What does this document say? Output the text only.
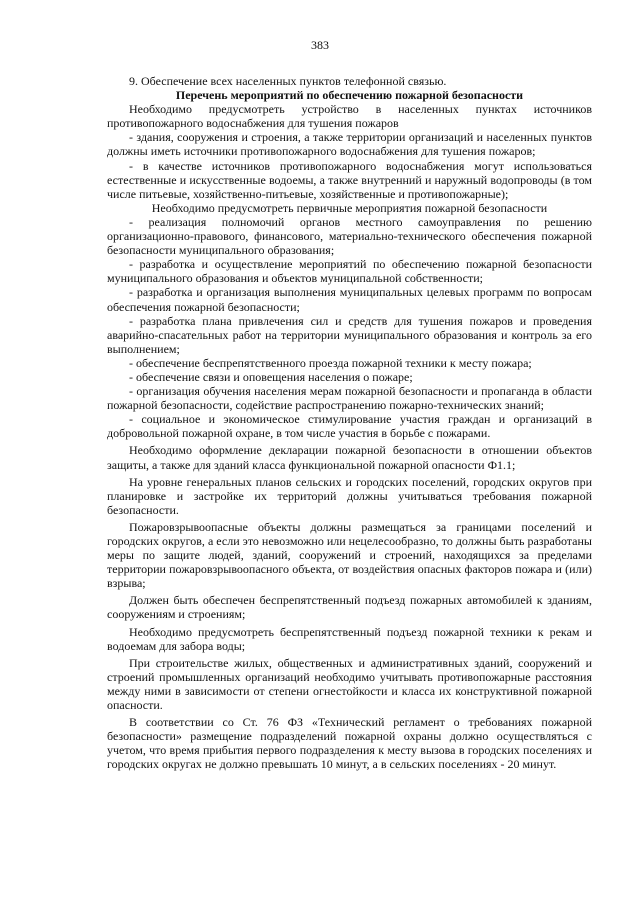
383

9. Обеспечение всех населенных пунктов телефонной связью.

Перечень мероприятий по обеспечению пожарной безопасности

Необходимо предусмотреть устройство в населенных пунктах источников противопожарного водоснабжения для тушения пожаров

- здания, сооружения и строения, а также территории организаций и населенных пунктов должны иметь источники противопожарного водоснабжения для тушения пожаров;

- в качестве источников противопожарного водоснабжения могут использоваться естественные и искусственные водоемы, а также внутренний и наружный водопроводы (в том числе питьевые, хозяйственно-питьевые, хозяйственные и противопожарные);

Необходимо предусмотреть первичные мероприятия пожарной безопасности

- реализация полномочий органов местного самоуправления по решению организационно-правового, финансового, материально-технического обеспечения пожарной безопасности муниципального образования;

- разработка и осуществление мероприятий по обеспечению пожарной безопасности муниципального образования и объектов муниципальной собственности;

- разработка и организация выполнения муниципальных целевых программ по вопросам обеспечения пожарной безопасности;

- разработка плана привлечения сил и средств для тушения пожаров и проведения аварийно-спасательных работ на территории муниципального образования и контроль за его выполнением;

- обеспечение беспрепятственного проезда пожарной техники к месту пожара;

- обеспечение связи и оповещения населения о пожаре;

- организация обучения населения мерам пожарной безопасности и пропаганда в области пожарной безопасности, содействие распространению пожарно-технических знаний;

- социальное и экономическое стимулирование участия граждан и организаций в добровольной пожарной охране, в том числе участия в борьбе с пожарами.

Необходимо оформление декларации пожарной безопасности в отношении объектов защиты, а также для зданий класса функциональной пожарной опасности Ф1.1;

На уровне генеральных планов сельских и городских поселений, городских округов при планировке и застройке их территорий должны учитываться требования пожарной безопасности.

Пожаровзрывоопасные объекты должны размещаться за границами поселений и городских округов, а если это невозможно или нецелесообразно, то должны быть разработаны меры по защите людей, зданий, сооружений и строений, находящихся за пределами территории пожаровзрывоопасного объекта, от воздействия опасных факторов пожара и (или) взрыва;

Должен быть обеспечен беспрепятственный подъезд пожарных автомобилей к зданиям, сооружениям и строениям;

Необходимо предусмотреть беспрепятственный подъезд пожарной техники к рекам и водоемам для забора воды;

При строительстве жилых, общественных и административных зданий, сооружений и строений промышленных организаций необходимо учитывать противопожарные расстояния между ними в зависимости от степени огнестойкости и класса их конструктивной пожарной опасности.

В соответствии со Ст. 76 ФЗ «Технический регламент о требованиях пожарной безопасности» размещение подразделений пожарной охраны должно осуществляться с учетом, что время прибытия первого подразделения к месту вызова в городских поселениях и городских округах не должно превышать 10 минут, а в сельских поселениях - 20 минут.
